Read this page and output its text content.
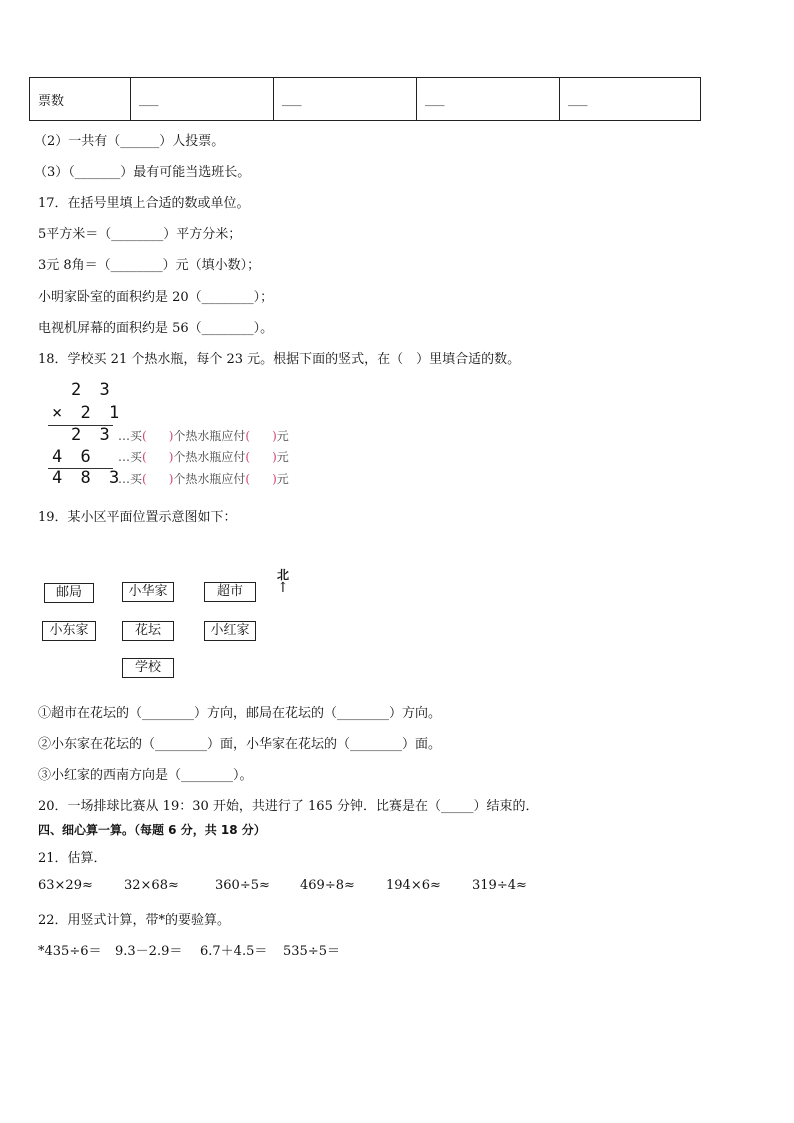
票数	___	___	___	___
（2）一共有（______）人投票。
（3）（_______）最有可能当选班长。
17．在括号里填上合适的数或单位。
5平方米＝（________）平方分米；
3元 8角＝（________）元（填小数）；
小明家卧室的面积约是 20（________）；
电视机屏幕的面积约是 56（________）。
18．学校买 21 个热水瓶，每个 23 元。根据下面的竖式，在（　）里填合适的数。
2 3
× 2 1
2 3
4 6
4 8 3
…买( )个热水瓶应付( )元
…买( )个热水瓶应付( )元
…买( )个热水瓶应付( )元
19．某小区平面位置示意图如下：
北
↑
邮局	小华家	超市
小东家	花坛	小红家
学校
①超市在花坛的（________）方向，邮局在花坛的（________）方向。
②小东家在花坛的（________）面，小华家在花坛的（________）面。
③小红家的西南方向是（________）。
20．一场排球比赛从 19：30 开始，共进行了 165 分钟．比赛是在（_____）结束的．
四、细心算一算。（每题 6 分，共 18 分）
21．估算．
63×29≈ 32×68≈	360÷5≈ 469÷8≈ 194×6≈ 319÷4≈
22．用竖式计算，带*的要验算。
*435÷6＝ 9.3－2.9＝ 6.7＋4.5＝ 535÷5＝
